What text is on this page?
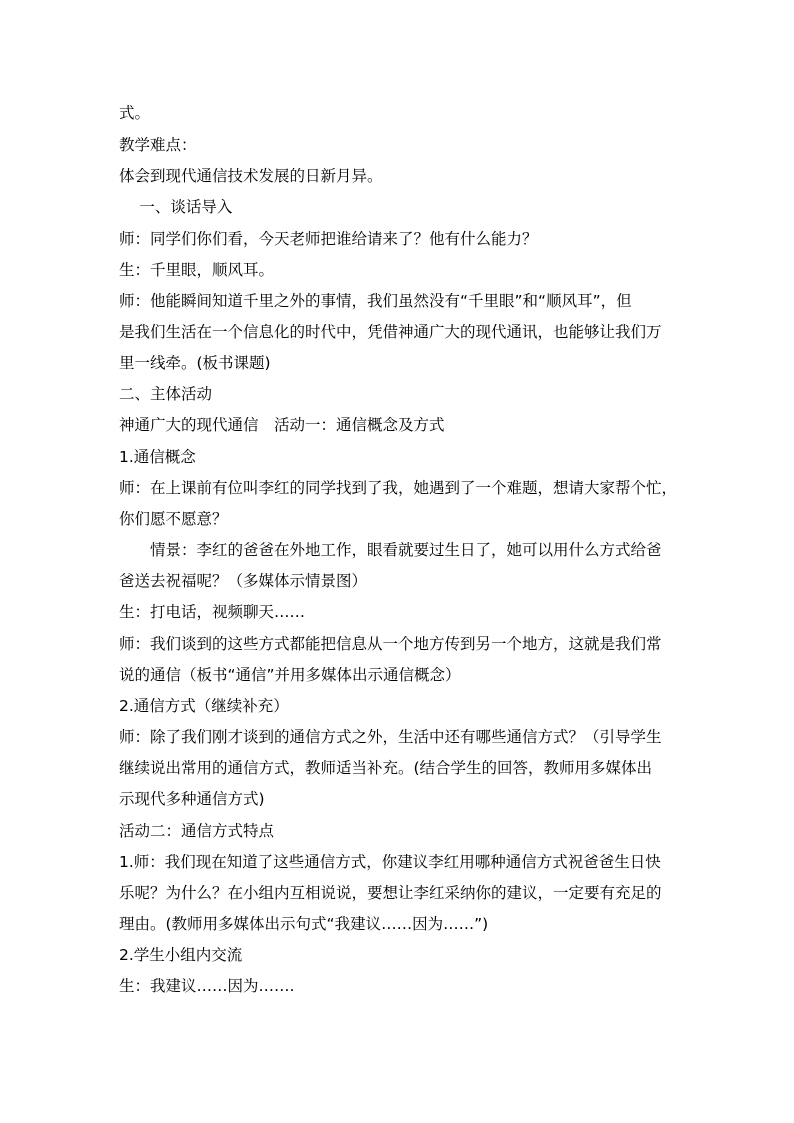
式。

教学难点：

体会到现代通信技术发展的日新月异。

　 一、谈话导入

师：同学们你们看，今天老师把谁给请来了？他有什么能力？

生：千里眼，顺风耳。

师：他能瞬间知道千里之外的事情，我们虽然没有“千里眼”和“顺风耳”，但

是我们生活在一个信息化的时代中，凭借神通广大的现代通讯，也能够让我们万

里一线牵。(板书课题)

二、主体活动

神通广大的现代通信　活动一：通信概念及方式

1.通信概念

师：在上课前有位叫李红的同学找到了我，她遇到了一个难题，想请大家帮个忙，

你们愿不愿意？

　　情景：李红的爸爸在外地工作，眼看就要过生日了，她可以用什么方式给爸

爸送去祝福呢？（多媒体示情景图）

生：打电话，视频聊天……

师：我们谈到的这些方式都能把信息从一个地方传到另一个地方，这就是我们常

说的通信（板书“通信”并用多媒体出示通信概念）

2.通信方式（继续补充）

师：除了我们刚才谈到的通信方式之外，生活中还有哪些通信方式？（引导学生

继续说出常用的通信方式，教师适当补充。(结合学生的回答，教师用多媒体出

示现代多种通信方式)

活动二：通信方式特点

1.师：我们现在知道了这些通信方式，你建议李红用哪种通信方式祝爸爸生日快

乐呢？为什么？在小组内互相说说，要想让李红采纳你的建议，一定要有充足的

理由。(教师用多媒体出示句式“我建议……因为……”)

2.学生小组内交流

生：我建议……因为…….
